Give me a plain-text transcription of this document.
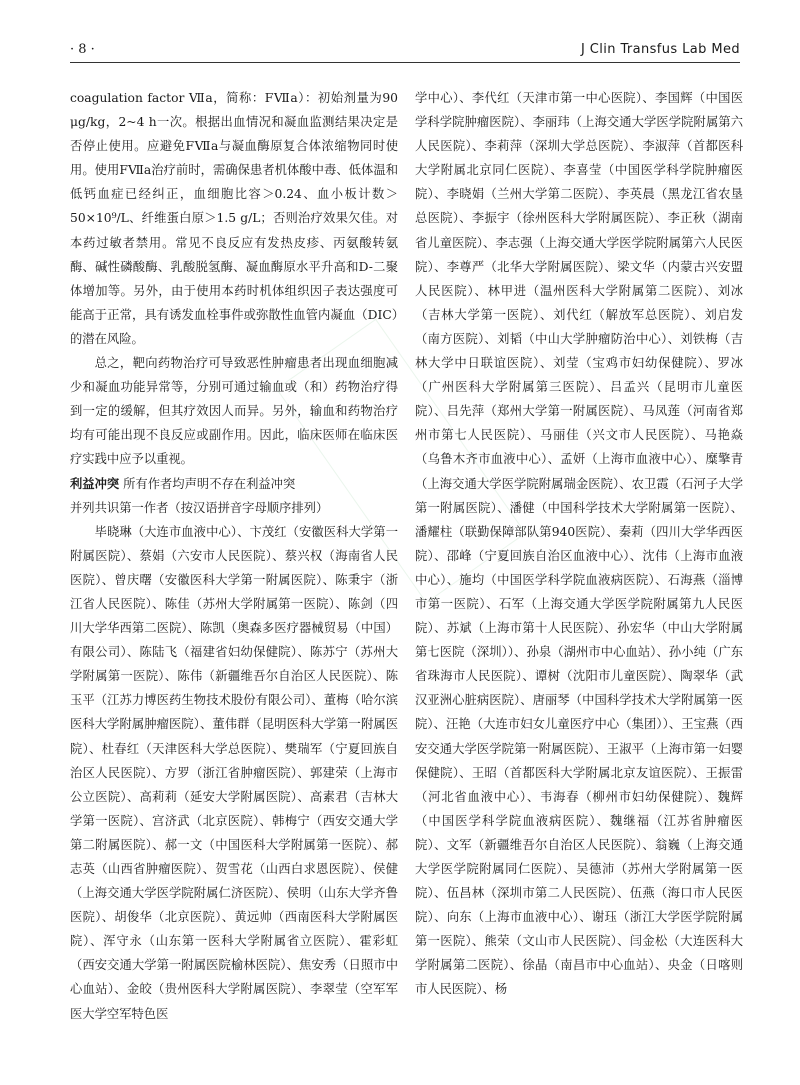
· 8 ·	J Clin Transfus Lab Med

coagulation factor Ⅶa，简称：FⅦa）：初始剂量为90 μg/kg，2~4 h一次。根据出血情况和凝血监测结果决定是否停止使用。应避免FⅦa与凝血酶原复合体浓缩物同时使用。使用FⅦa治疗前时，需确保患者机体酸中毒、低体温和低钙血症已经纠正，血细胞比容＞0.24、血小板计数＞50×10⁹/L、纤维蛋白原＞1.5 g/L；否则治疗效果欠佳。对本药过敏者禁用。常见不良反应有发热皮疹、丙氨酸转氨酶、碱性磷酸酶、乳酸脱氢酶、凝血酶原水平升高和D-二聚体增加等。另外，由于使用本药时机体组织因子表达强度可能高于正常，具有诱发血栓事件或弥散性血管内凝血（DIC）的潜在风险。

总之，靶向药物治疗可导致恶性肿瘤患者出现血细胞减少和凝血功能异常等，分别可通过输血或（和）药物治疗得到一定的缓解，但其疗效因人而异。另外，输血和药物治疗均有可能出现不良反应或副作用。因此，临床医师在临床医疗实践中应予以重视。

利益冲突 所有作者均声明不存在利益冲突

并列共识第一作者（按汉语拼音字母顺序排列）

毕晓琳（大连市血液中心）、卞茂红（安徽医科大学第一附属医院）、蔡娟（六安市人民医院）、蔡兴权（海南省人民医院）、曾庆曙（安徽医科大学第一附属医院）、陈秉宇（浙江省人民医院）、陈佳（苏州大学附属第一医院）、陈剑（四川大学华西第二医院）、陈凯（奥森多医疗器械贸易（中国）有限公司）、陈陆飞（福建省妇幼保健院）、陈苏宁（苏州大学附属第一医院）、陈伟（新疆维吾尔自治区人民医院）、陈玉平（江苏力博医药生物技术股份有限公司）、董梅（哈尔滨医科大学附属肿瘤医院）、董伟群（昆明医科大学第一附属医院）、杜春红（天津医科大学总医院）、樊瑞军（宁夏回族自治区人民医院）、方罗（浙江省肿瘤医院）、郭建荣（上海市公立医院）、高莉莉（延安大学附属医院）、高素君（吉林大学第一医院）、宫济武（北京医院）、韩梅宁（西安交通大学第二附属医院）、郝一文（中国医科大学附属第一医院）、郝志英（山西省肿瘤医院）、贺雪花（山西白求恩医院）、侯健（上海交通大学医学院附属仁济医院）、侯明（山东大学齐鲁医院）、胡俊华（北京医院）、黄远帅（西南医科大学附属医院）、浑守永（山东第一医科大学附属省立医院）、霍彩虹（西安交通大学第一附属医院榆林医院）、焦安秀（日照市中心血站）、金皎（贵州医科大学附属医院）、李翠莹（空军军医大学空军特色医

学中心）、李代红（天津市第一中心医院）、李国辉（中国医学科学院肿瘤医院）、李丽玮（上海交通大学医学院附属第六人民医院）、李莉萍（深圳大学总医院）、李淑萍（首都医科大学附属北京同仁医院）、李喜莹（中国医学科学院肿瘤医院）、李晓娟（兰州大学第二医院）、李英晨（黑龙江省农垦总医院）、李振宇（徐州医科大学附属医院）、李正秋（湖南省儿童医院）、李志强（上海交通大学医学院附属第六人民医院）、李尊严（北华大学附属医院）、梁文华（内蒙古兴安盟人民医院）、林甲进（温州医科大学附属第二医院）、刘冰（吉林大学第一医院）、刘代红（解放军总医院）、刘启发（南方医院）、刘韬（中山大学肿瘤防治中心）、刘铁梅（吉林大学中日联谊医院）、刘莹（宝鸡市妇幼保健院）、罗冰（广州医科大学附属第三医院）、吕孟兴（昆明市儿童医院）、吕先萍（郑州大学第一附属医院）、马凤莲（河南省郑州市第七人民医院）、马丽佳（兴文市人民医院）、马艳焱（乌鲁木齐市血液中心）、孟妍（上海市血液中心）、糜擎青（上海交通大学医学院附属瑞金医院）、农卫霞（石河子大学第一附属医院）、潘健（中国科学技术大学附属第一医院）、潘耀柱（联勤保障部队第940医院）、秦莉（四川大学华西医院）、邵峰（宁夏回族自治区血液中心）、沈伟（上海市血液中心）、施均（中国医学科学院血液病医院）、石海燕（淄博市第一医院）、石军（上海交通大学医学院附属第九人民医院）、苏斌（上海市第十人民医院）、孙宏华（中山大学附属第七医院（深圳））、孙泉（湖州市中心血站）、孙小纯（广东省珠海市人民医院）、谭树（沈阳市儿童医院）、陶翠华（武汉亚洲心脏病医院）、唐丽琴（中国科学技术大学附属第一医院）、汪艳（大连市妇女儿童医疗中心（集团））、王宝燕（西安交通大学医学院第一附属医院）、王淑平（上海市第一妇婴保健院）、王昭（首都医科大学附属北京友谊医院）、王振雷（河北省血液中心）、韦海春（柳州市妇幼保健院）、魏辉（中国医学科学院血液病医院）、魏继福（江苏省肿瘤医院）、文军（新疆维吾尔自治区人民医院）、翁巍（上海交通大学医学院附属同仁医院）、吴德沛（苏州大学附属第一医院）、伍昌林（深圳市第二人民医院）、伍燕（海口市人民医院）、向东（上海市血液中心）、谢珏（浙江大学医学院附属第一医院）、熊荣（文山市人民医院）、闫金松（大连医科大学附属第二医院）、徐晶（南昌市中心血站）、央金（日喀则市人民医院）、杨
